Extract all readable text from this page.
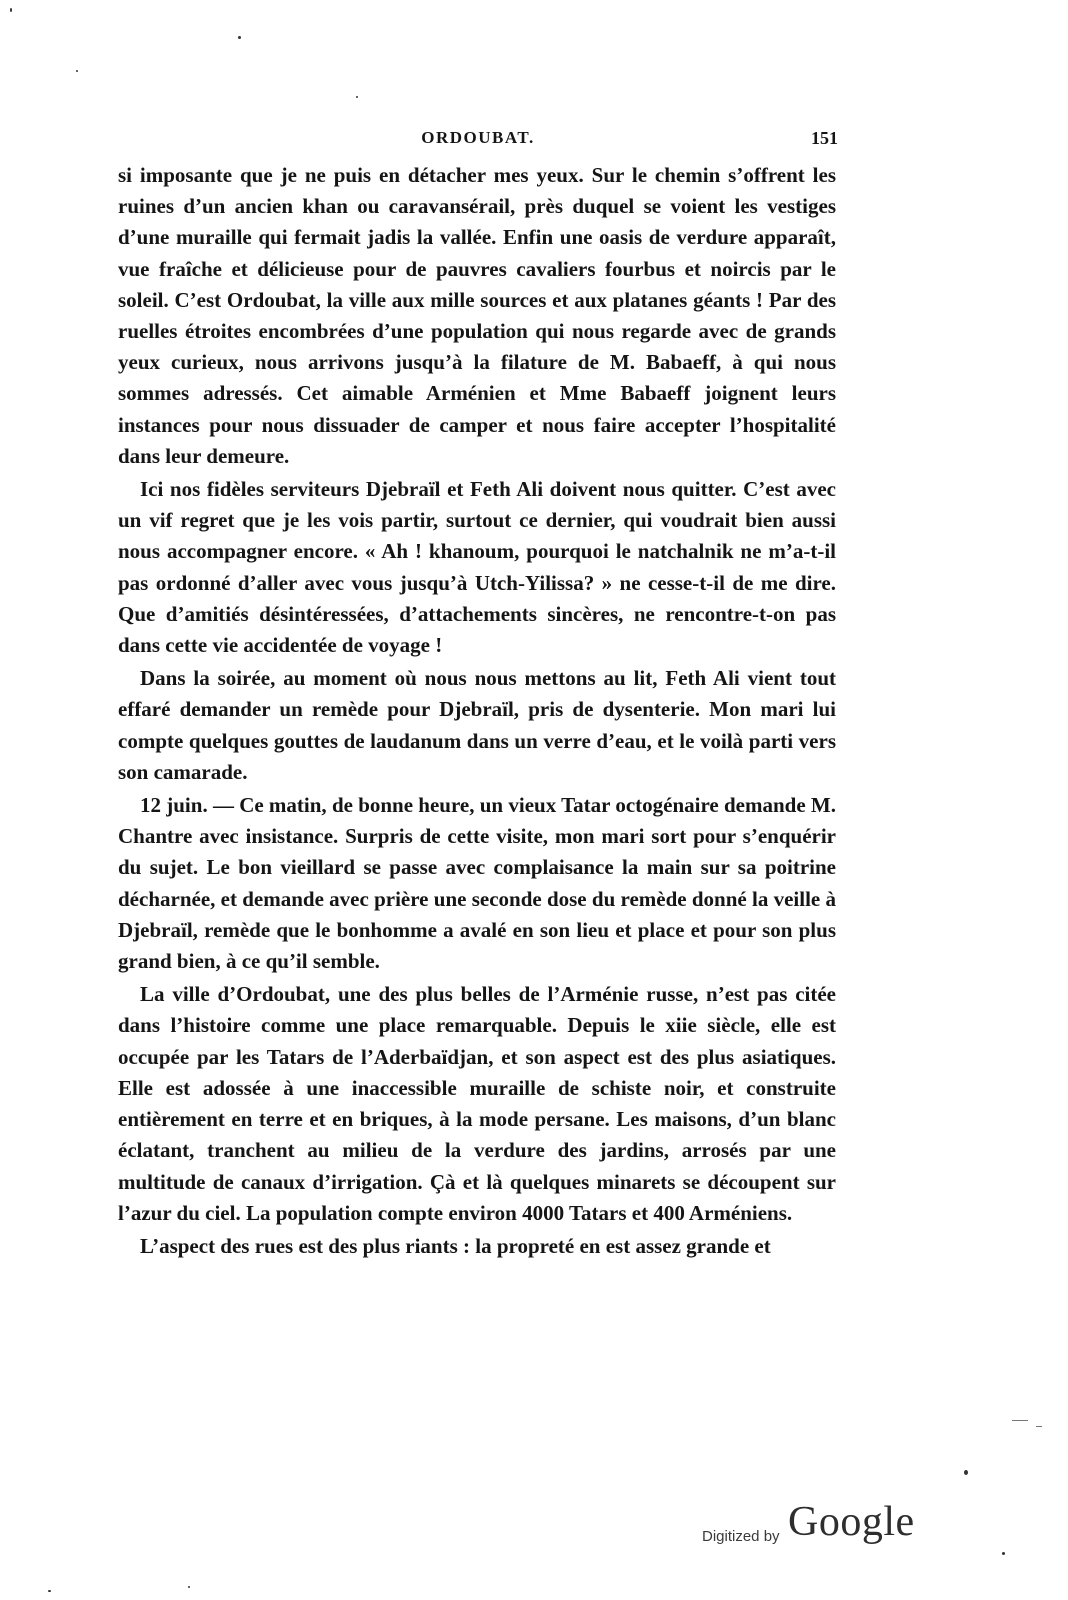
ORDOUBAT.	151

si imposante que je ne puis en détacher mes yeux. Sur le chemin s’offrent les ruines d’un ancien khan ou caravansérail, près duquel se voient les vestiges d’une muraille qui fermait jadis la vallée. Enfin une oasis de verdure apparaît, vue fraîche et délicieuse pour de pauvres cavaliers fourbus et noircis par le soleil. C’est Ordoubat, la ville aux mille sources et aux platanes géants ! Par des ruelles étroites encombrées d’une population qui nous regarde avec de grands yeux curieux, nous arrivons jusqu’à la filature de M. Babaeff, à qui nous sommes adressés. Cet aimable Arménien et Mme Babaeff joignent leurs instances pour nous dissuader de camper et nous faire accepter l’hospitalité dans leur demeure.

Ici nos fidèles serviteurs Djebraïl et Feth Ali doivent nous quitter. C’est avec un vif regret que je les vois partir, surtout ce dernier, qui voudrait bien aussi nous accompagner encore. « Ah ! khanoum, pourquoi le natchalnik ne m’a-t-il pas ordonné d’aller avec vous jusqu’à Utch-Yilissa? » ne cesse-t-il de me dire. Que d’amitiés désintéressées, d’attachements sincères, ne rencontre-t-on pas dans cette vie accidentée de voyage !

Dans la soirée, au moment où nous nous mettons au lit, Feth Ali vient tout effaré demander un remède pour Djebraïl, pris de dysenterie. Mon mari lui compte quelques gouttes de laudanum dans un verre d’eau, et le voilà parti vers son camarade.

12 juin. — Ce matin, de bonne heure, un vieux Tatar octogénaire demande M. Chantre avec insistance. Surpris de cette visite, mon mari sort pour s’enquérir du sujet. Le bon vieillard se passe avec complaisance la main sur sa poitrine décharnée, et demande avec prière une seconde dose du remède donné la veille à Djebraïl, remède que le bonhomme a avalé en son lieu et place et pour son plus grand bien, à ce qu’il semble.

La ville d’Ordoubat, une des plus belles de l’Arménie russe, n’est pas citée dans l’histoire comme une place remarquable. Depuis le xiie siècle, elle est occupée par les Tatars de l’Aderbaïdjan, et son aspect est des plus asiatiques. Elle est adossée à une inaccessible muraille de schiste noir, et construite entièrement en terre et en briques, à la mode persane. Les maisons, d’un blanc éclatant, tranchent au milieu de la verdure des jardins, arrosés par une multitude de canaux d’irrigation. Çà et là quelques minarets se découpent sur l’azur du ciel. La population compte environ 4000 Tatars et 400 Arméniens.

L’aspect des rues est des plus riants : la propreté en est assez grande et

Digitized by Google
